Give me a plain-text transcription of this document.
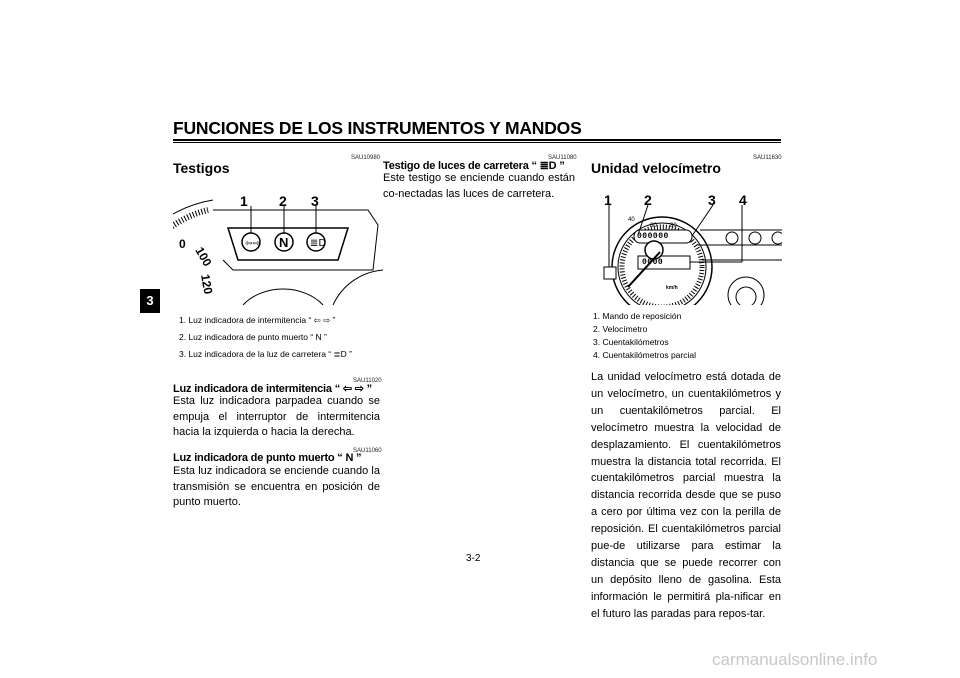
FUNCIONES DE LOS INSTRUMENTOS Y MANDOS
3
SAU10980
Testigos
0
100
120
⇦⇨ N ≣D
1 2 3
1. Luz indicadora de intermitencia “ ⇦ ⇨ ”
2. Luz indicadora de punto muerto “ N ”
3. Luz indicadora de la luz de carretera “ ≣D ”
SAU11020
Luz indicadora de intermitencia “ ⇦ ⇨ ”
Esta luz indicadora parpadea cuando se empuja el interruptor de intermitencia hacia la izquierda o hacia la derecha.
SAU11060
Luz indicadora de punto muerto “ N ”
Esta luz indicadora se enciende cuando la transmisión se encuentra en posición de punto muerto.
SAU11080
Testigo de luces de carretera “ ≣D ”
Este testigo se enciende cuando están co-nectadas las luces de carretera.
SAU11630
Unidad velocímetro
40
60 80
000000
0000
km/h
1 2	3 4
1. Mando de reposición
2. Velocímetro
3. Cuentakilómetros
4. Cuentakilómetros parcial
La unidad velocímetro está dotada de un velocímetro, un cuentakilómetros y un cuentakilómetros parcial. El velocímetro muestra la velocidad de desplazamiento. El cuentakilómetros muestra la distancia total recorrida. El cuentakilómetros parcial muestra la distancia recorrida desde que se puso a cero por última vez con la perilla de reposición. El cuentakilómetros parcial pue-de utilizarse para estimar la distancia que se puede recorrer con un depósito lleno de gasolina. Esta información le permitirá pla-nificar en el futuro las paradas para repos-tar.
3-2
carmanualsonline.info
